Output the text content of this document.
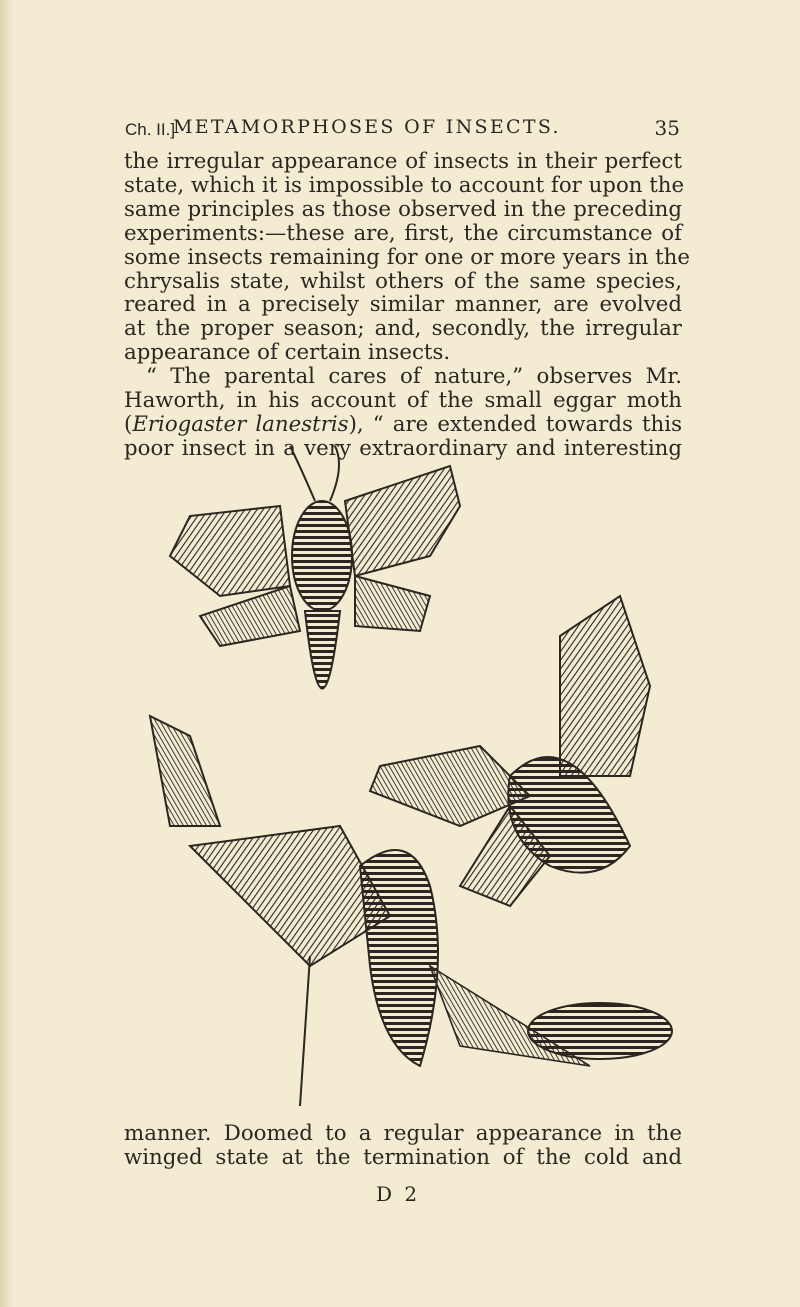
Ch. II.]
METAMORPHOSES OF INSECTS.	35
the irregular appearance of insects in their perfect
state, which it is impossible to account for upon the
same principles as those observed in the preceding
experiments:—these are, first, the circumstance of
some insects remaining for one or more years in the
chrysalis state, whilst others of the same species,
reared in a precisely similar manner, are evolved
at the proper season; and, secondly, the irregular
appearance of certain insects.
“ The parental cares of nature,” observes Mr.
Haworth, in his account of the small eggar moth
(Eriogaster lanestris), “ are extended towards this
poor insect in a very extraordinary and interesting
manner. Doomed to a regular appearance in the
winged state at the termination of the cold and
D 2
